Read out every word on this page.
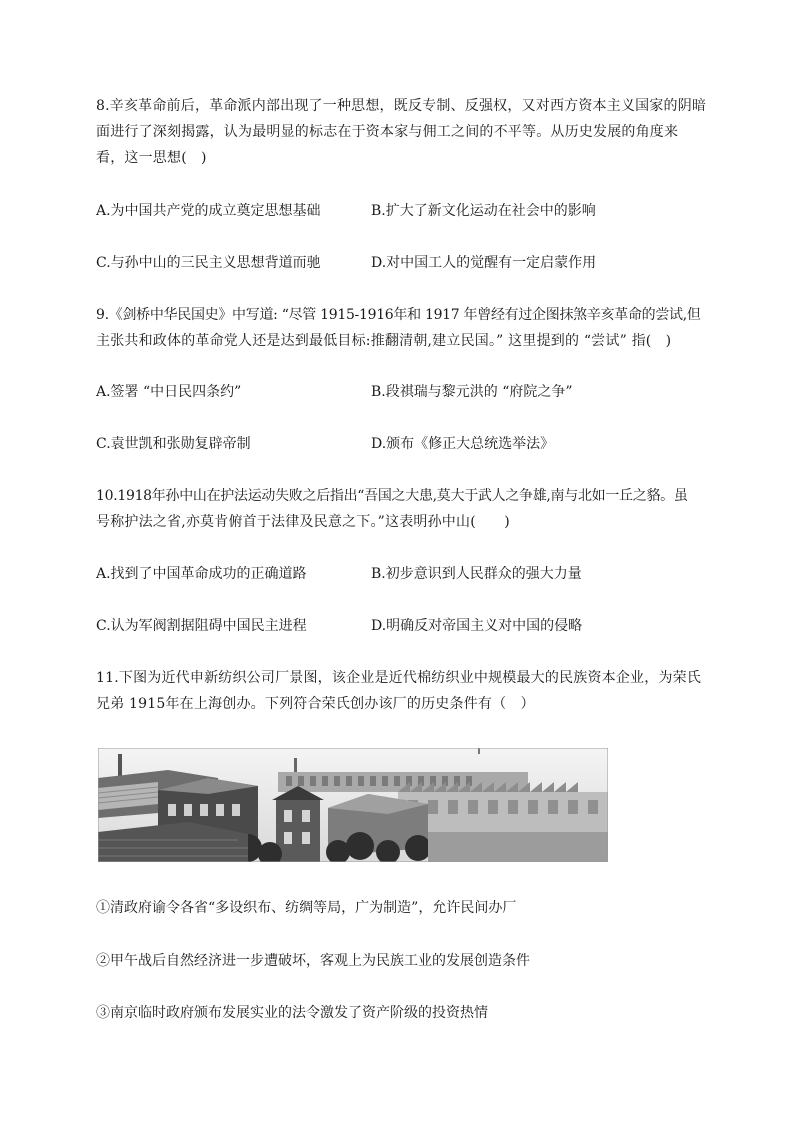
8.辛亥革命前后，革命派内部出现了一种思想，既反专制、反强权，又对西方资本主义国家的阴暗
面进行了深刻揭露，认为最明显的标志在于资本家与佣工之间的不平等。从历史发展的角度来
看，这一思想(　)
A.为中国共产党的成立奠定思想基础	B.扩大了新文化运动在社会中的影响
C.与孙中山的三民主义思想背道而驰	D.对中国工人的觉醒有一定启蒙作用
9.《剑桥中华民国史》中写道: “尽管 1915-1916年和 1917 年曾经有过企图抹煞辛亥革命的尝试,但
主张共和政体的革命党人还是达到最低目标:推翻清朝,建立民国。” 这里提到的 “尝试” 指(　)
A.签署 “中日民四条约”	B.段祺瑞与黎元洪的 “府院之争”
C.袁世凯和张勋复辟帝制	D.颁布《修正大总统选举法》
10.1918年孙中山在护法运动失败之后指出“吾国之大患,莫大于武人之争雄,南与北如一丘之貉。虽
号称护法之省,亦莫肯俯首于法律及民意之下。”这表明孙中山(　　)
A.找到了中国革命成功的正确道路	B.初步意识到人民群众的强大力量
C.认为军阀割据阻碍中国民主进程	D.明确反对帝国主义对中国的侵略
11.下图为近代申新纺织公司厂景图，该企业是近代棉纺织业中规模最大的民族资本企业，为荣氏
兄弟 1915年在上海创办。下列符合荣氏创办该厂的历史条件有（　）
①清政府谕令各省“多设织布、纺绸等局，广为制造”，允许民间办厂
②甲午战后自然经济进一步遭破坏，客观上为民族工业的发展创造条件
③南京临时政府颁布发展实业的法令激发了资产阶级的投资热情
